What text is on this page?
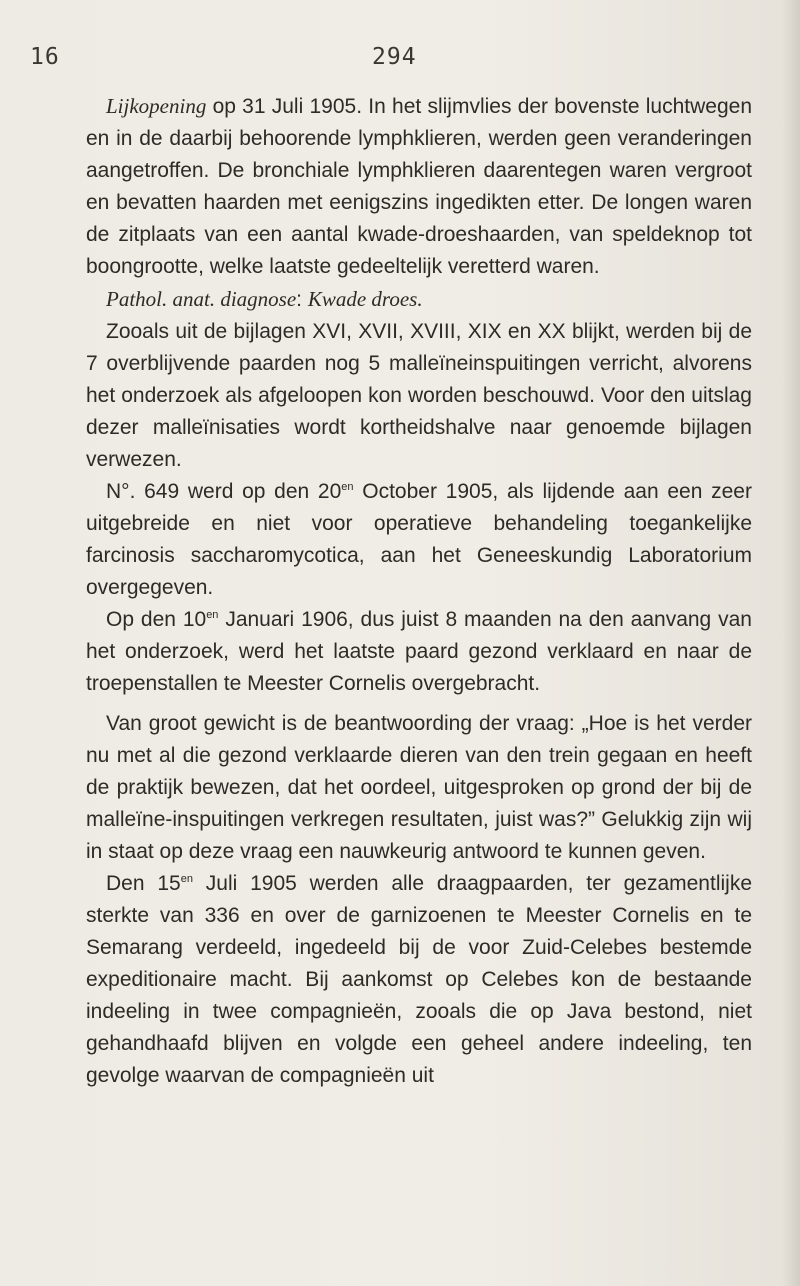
16	294

Lijkopening op 31 Juli 1905. In het slijmvlies der bovenste luchtwegen en in de daarbij behoorende lymphklieren, werden geen veranderingen aangetroffen. De bronchiale lymphklieren daarentegen waren vergroot en bevatten haarden met eenigszins ingedikten etter. De longen waren de zitplaats van een aantal kwade-droeshaarden, van speldeknop tot boongrootte, welke laatste gedeeltelijk veretterd waren.

Pathol. anat. diagnose: Kwade droes.

Zooals uit de bijlagen XVI, XVII, XVIII, XIX en XX blijkt, werden bij de 7 overblijvende paarden nog 5 malleïneinspuitingen verricht, alvorens het onderzoek als afgeloopen kon worden beschouwd. Voor den uitslag dezer malleïnisaties wordt kortheidshalve naar genoemde bijlagen verwezen.

N°. 649 werd op den $20^{en}$ October 1905, als lijdende aan een zeer uitgebreide en niet voor operatieve behandeling toegankelijke farcinosis saccharomycotica, aan het Geneeskundig Laboratorium overgegeven.

Op den $10^{en}$ Januari 1906, dus juist 8 maanden na den aanvang van het onderzoek, werd het laatste paard gezond verklaard en naar de troepenstallen te Meester Cornelis overgebracht.

Van groot gewicht is de beantwoording der vraag: „Hoe is het verder nu met al die gezond verklaarde dieren van den trein gegaan en heeft de praktijk bewezen, dat het oordeel, uitgesproken op grond der bij de malleïne-inspuitingen verkregen resultaten, juist was?” Gelukkig zijn wij in staat op deze vraag een nauwkeurig antwoord te kunnen geven.

Den $15^{en}$ Juli 1905 werden alle draagpaarden, ter gezamentlijke sterkte van 336 en over de garnizoenen te Meester Cornelis en te Semarang verdeeld, ingedeeld bij de voor Zuid-Celebes bestemde expeditionaire macht. Bij aankomst op Celebes kon de bestaande indeeling in twee compagnieën, zooals die op Java bestond, niet gehandhaafd blijven en volgde een geheel andere indeeling, ten gevolge waarvan de compagnieën uit
